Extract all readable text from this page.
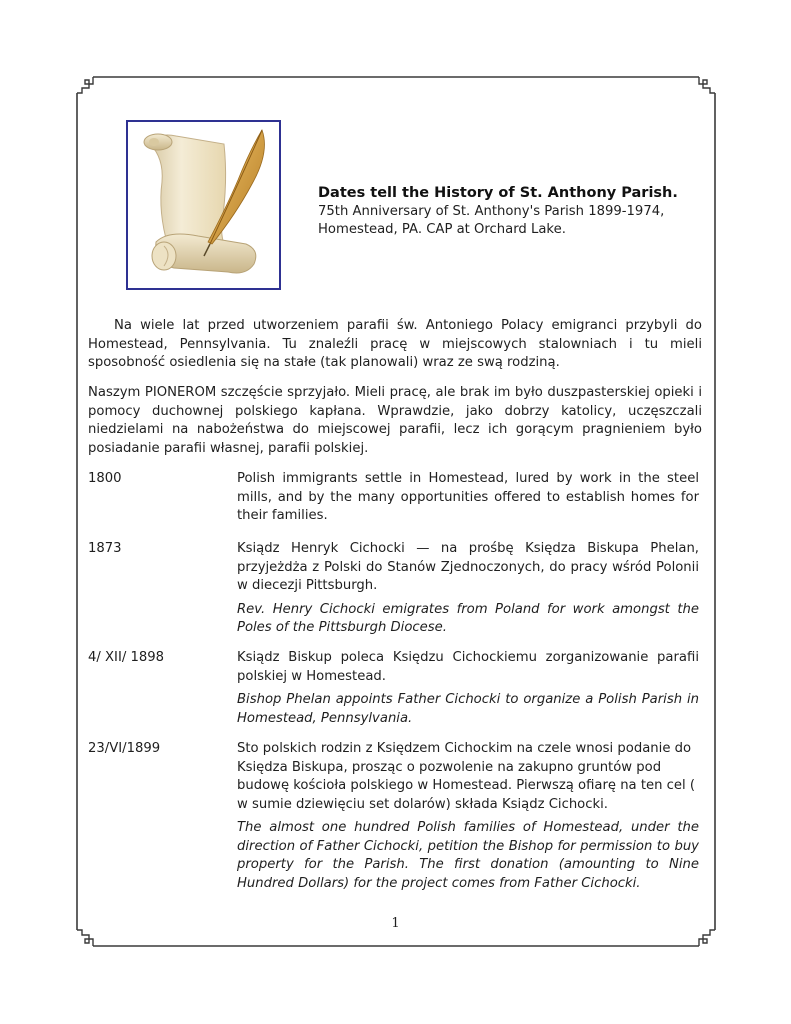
Dates tell the History of St. Anthony Parish.
75th Anniversary of St. Anthony's Parish 1899-1974,
Homestead, PA. CAP at Orchard Lake.

Na wiele lat przed utworzeniem parafii św. Antoniego Polacy emigranci przybyli do Homestead, Pennsylvania. Tu znaleźli pracę w miejscowych stalowniach i tu mieli sposobność osiedlenia się na stałe (tak planowali) wraz ze swą rodziną.

Naszym PIONEROM szczęście sprzyjało. Mieli pracę, ale brak im było duszpasterskiej opieki i pomocy duchownej polskiego kapłana. Wprawdzie, jako dobrzy katolicy, uczęszczali niedzielami na nabożeństwa do miejscowej parafii, lecz ich gorącym pragnieniem było posiadanie parafii własnej, parafii polskiej.

1800	Polish immigrants settle in Homestead, lured by work in the steel mills, and by the many opportunities offered to establish homes for their families.

1873	Ksiądz Henryk Cichocki — na prośbę Księdza Biskupa Phelan, przyjeżdża z Polski do Stanów Zjednoczonych, do pracy wśród Polonii w diecezji Pittsburgh.

Rev. Henry Cichocki emigrates from Poland for work amongst the Poles of the Pittsburgh Diocese.

4/ XII/ 1898	Ksiądz Biskup poleca Księdzu Cichockiemu zorganizowanie parafii polskiej w Homestead.

Bishop Phelan appoints Father Cichocki to organize a Polish Parish in Homestead, Pennsylvania.

23/VI/1899	Sto polskich rodzin z Księdzem Cichockim na czele wnosi podanie do Księdza Biskupa, prosząc o pozwolenie na zakupno gruntów pod budowę kościoła polskiego w Homestead. Pierwszą ofiarę na ten cel ( w sumie dziewięciu set dolarów) składa Ksiądz Cichocki.

The almost one hundred Polish families of Homestead, under the direction of Father Cichocki, petition the Bishop for permission to buy property for the Parish. The first donation (amounting to Nine Hundred Dollars) for the project comes from Father Cichocki.

1
